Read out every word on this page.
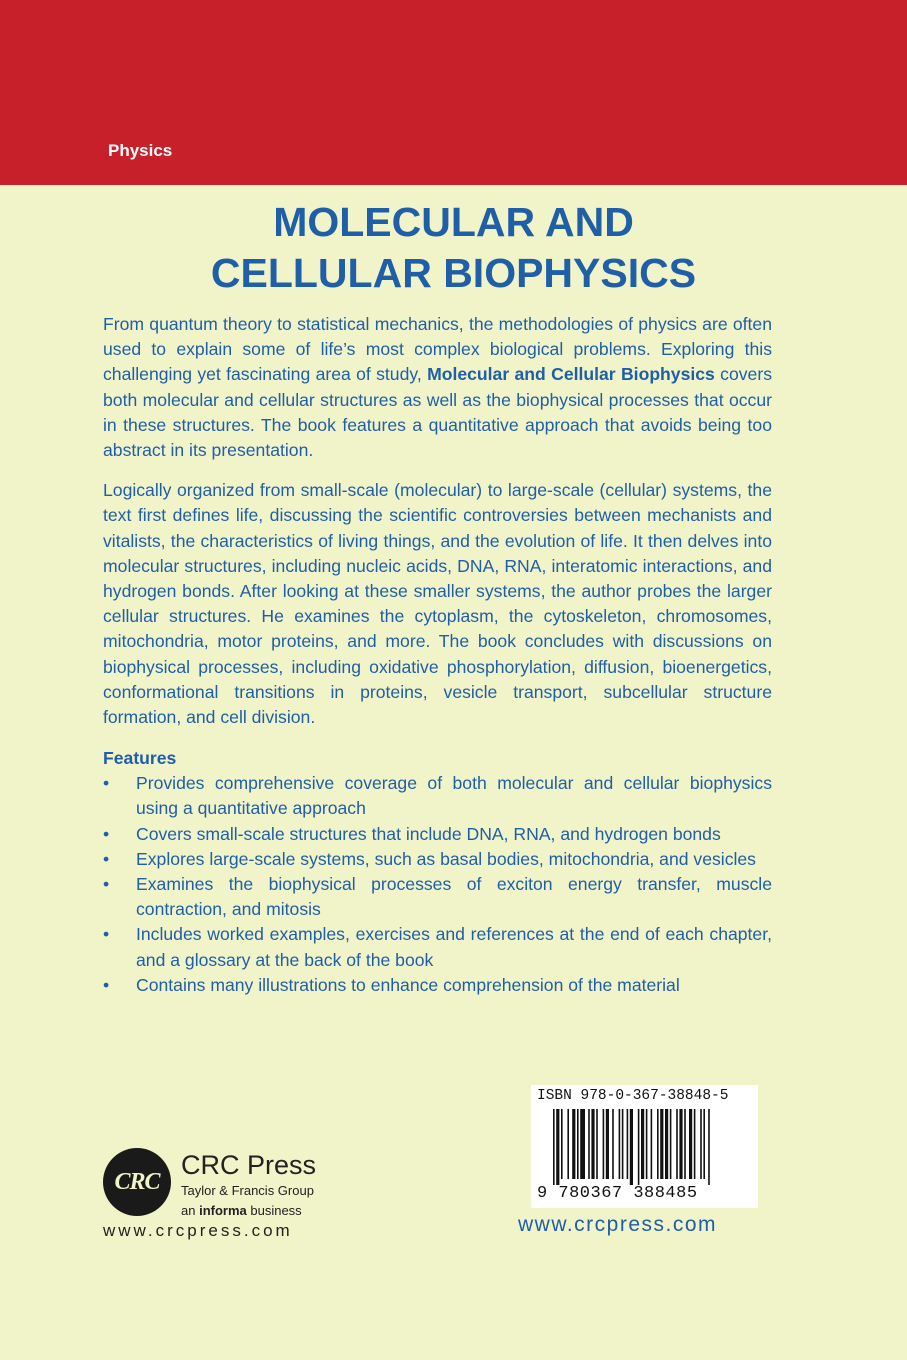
Physics
MOLECULAR AND
CELLULAR BIOPHYSICS

From quantum theory to statistical mechanics, the methodologies of physics are often used to explain some of life’s most complex biological problems. Exploring this challenging yet fascinating area of study, Molecular and Cellular Biophysics covers both molecular and cellular structures as well as the biophysical processes that occur in these structures. The book features a quantitative approach that avoids being too abstract in its presentation.

Logically organized from small-scale (molecular) to large-scale (cellular) systems, the text first defines life, discussing the scientific controversies between mechanists and vitalists, the characteristics of living things, and the evolution of life. It then delves into molecular structures, including nucleic acids, DNA, RNA, interatomic interactions, and hydrogen bonds. After looking at these smaller systems, the author probes the larger cellular structures. He examines the cytoplasm, the cytoskeleton, chromosomes, mitochondria, motor proteins, and more. The book concludes with discussions on biophysical processes, including oxidative phosphorylation, diffusion, bioenergetics, conformational transitions in proteins, vesicle transport, subcellular structure formation, and cell division.

Features
• Provides comprehensive coverage of both molecular and cellular biophysics using a quantitative approach
• Covers small-scale structures that include DNA, RNA, and hydrogen bonds
• Explores large-scale systems, such as basal bodies, mitochondria, and vesicles
• Examines the biophysical processes of exciton energy transfer, muscle contraction, and mitosis
• Includes worked examples, exercises and references at the end of each chapter, and a glossary at the back of the book
• Contains many illustrations to enhance comprehension of the material
CRC
CRC Press
Taylor & Francis Group
an informa business
www.crcpress.com
ISBN 978-0-367-38848-5
9 780367 388485
www.crcpress.com
